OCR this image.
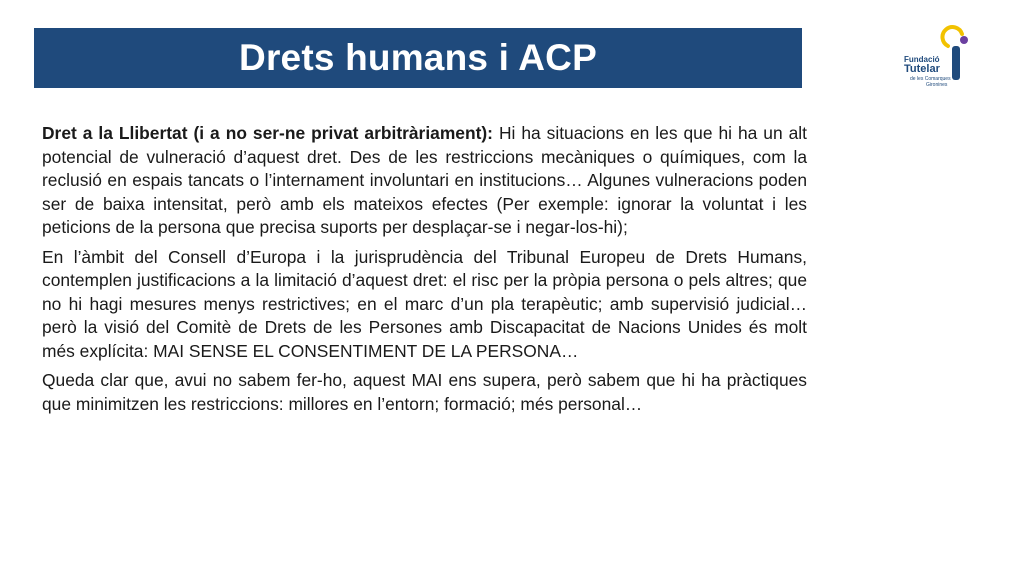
Drets humans i ACP	Fundació
Tutelar
de les Comarques
Gironines

Dret a la Llibertat (i a no ser-ne privat arbitràriament): Hi ha situacions en les que hi ha un alt potencial de vulneració d’aquest dret. Des de les restriccions mecàniques o químiques, com la reclusió en espais tancats o l’internament involuntari en institucions… Algunes vulneracions poden ser de baixa intensitat, però amb els mateixos efectes (Per exemple: ignorar la voluntat i les peticions de la persona que precisa suports per desplaçar-se i negar-los-hi);

En l’àmbit del Consell d’Europa i la jurisprudència del Tribunal Europeu de Drets Humans, contemplen justificacions a la limitació d’aquest dret: el risc per la pròpia persona o pels altres; que no hi hagi mesures menys restrictives; en el marc d’un pla terapèutic; amb supervisió judicial… però la visió del Comitè de Drets de les Persones amb Discapacitat de Nacions Unides és molt més explícita: MAI SENSE EL CONSENTIMENT DE LA PERSONA…

Queda clar que, avui no sabem fer-ho, aquest MAI ens supera, però sabem que hi ha pràctiques que minimitzen les restriccions: millores en l’entorn; formació; més personal…
